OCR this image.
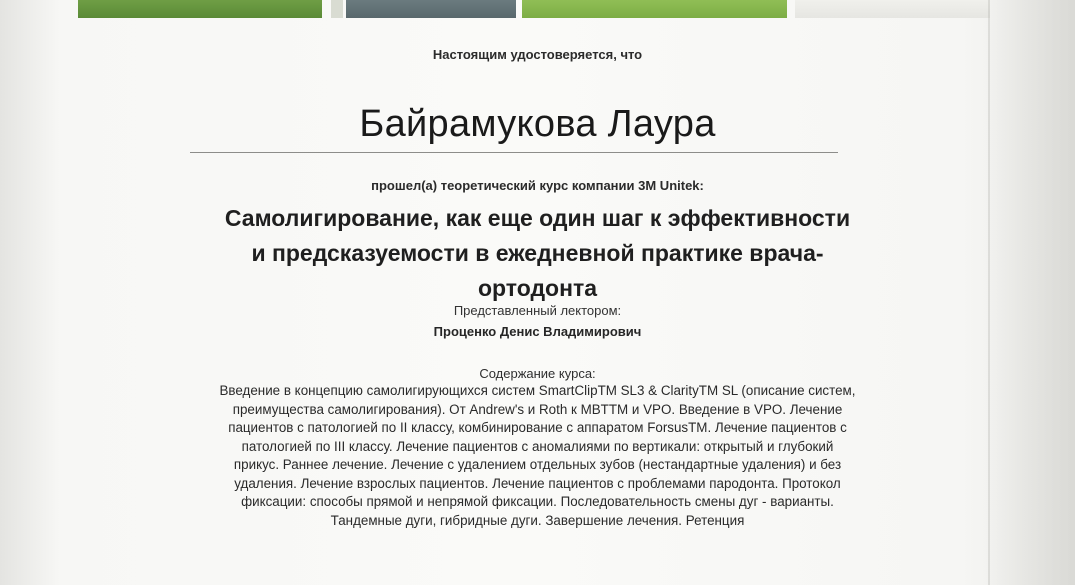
Настоящим удостоверяется, что
Байрамукова Лаура
прошел(а) теоретический курс компании 3M Unitek:
Самолигирование, как еще один шаг к эффективности
и предсказуемости в ежедневной практике врача-
ортодонта
Представленный лектором:
Проценко Денис Владимирович
Содержание курса:
Введение в концепцию самолигирующихся систем SmartClipTM SL3 & ClarityTM SL (описание систем,
преимущества самолигирования). От Andrew's и Roth к MBTTM и VPO. Введение в VPO. Лечение
пациентов с патологией по II классу, комбинирование с аппаратом ForsusTM. Лечение пациентов с
патологией по III классу. Лечение пациентов с аномалиями по вертикали: открытый и глубокий
прикус. Раннее лечение. Лечение с удалением отдельных зубов (нестандартные удаления) и без
удаления. Лечение взрослых пациентов. Лечение пациентов с проблемами пародонта. Протокол
фиксации: способы прямой и непрямой фиксации. Последовательность смены дуг - варианты.
Тандемные дуги, гибридные дуги. Завершение лечения. Ретенция
